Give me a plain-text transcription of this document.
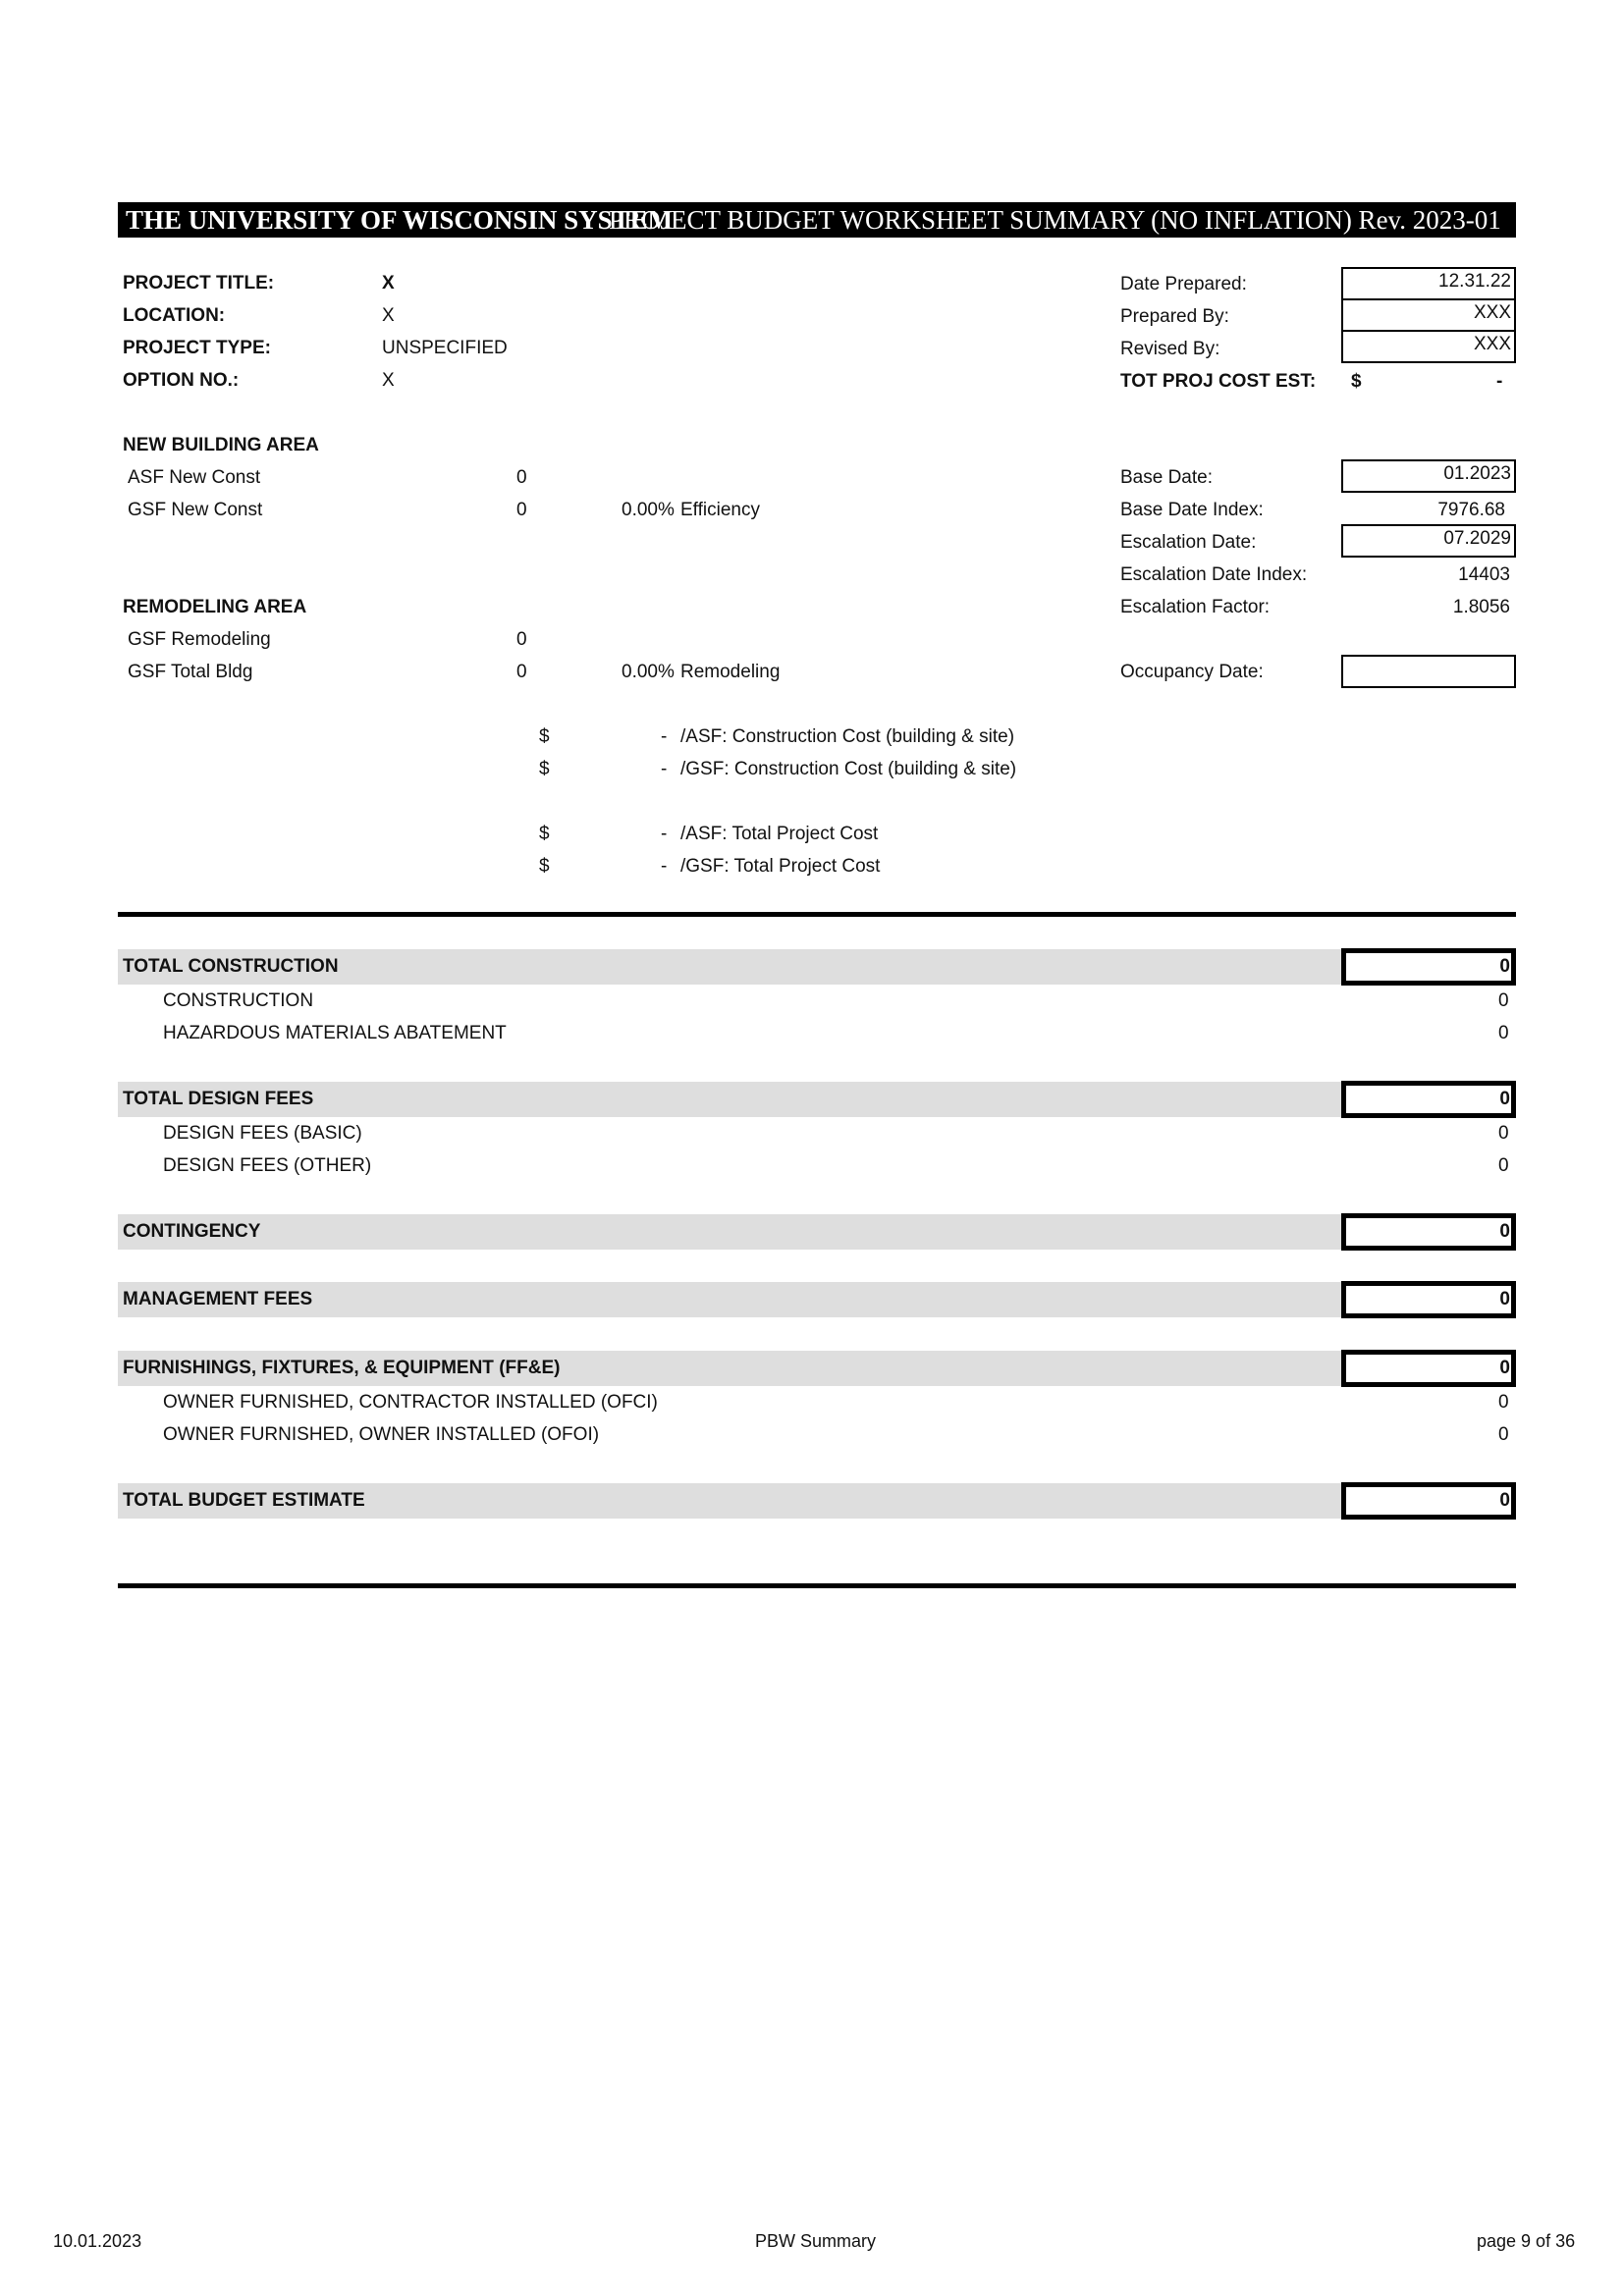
THE UNIVERSITY OF WISCONSIN SYSTEM
PROJECT BUDGET WORKSHEET SUMMARY (NO INFLATION) Rev. 2023-01
PROJECT TITLE:	X
LOCATION:	X
PROJECT TYPE:	UNSPECIFIED
OPTION NO.:	X
Date Prepared:	12.31.22
Prepared By:	XXX
Revised By:	XXX
TOT PROJ COST EST: $	-
NEW BUILDING AREA
ASF New Const	0
GSF New Const	0	0.00% Efficiency
Base Date:	01.2023
Base Date Index:	7976.68
Escalation Date:	07.2029
Escalation Date Index:	14403
Escalation Factor:	1.8056
Occupancy Date:
REMODELING AREA
GSF Remodeling	0
GSF Total Bldg	0	0.00% Remodeling
$	- /ASF: Construction Cost (building & site)
$	- /GSF: Construction Cost (building & site)
$	- /ASF: Total Project Cost
$	- /GSF: Total Project Cost
TOTAL CONSTRUCTION	0
CONSTRUCTION	0
HAZARDOUS MATERIALS ABATEMENT	0
TOTAL DESIGN FEES	0
DESIGN FEES (BASIC)	0
DESIGN FEES (OTHER)	0
CONTINGENCY	0
MANAGEMENT FEES	0
FURNISHINGS, FIXTURES, & EQUIPMENT (FF&E)	0
OWNER FURNISHED, CONTRACTOR INSTALLED (OFCI)	0
OWNER FURNISHED, OWNER INSTALLED (OFOI)	0
TOTAL BUDGET ESTIMATE	0
10.01.2023	PBW Summary	page 9 of 36
